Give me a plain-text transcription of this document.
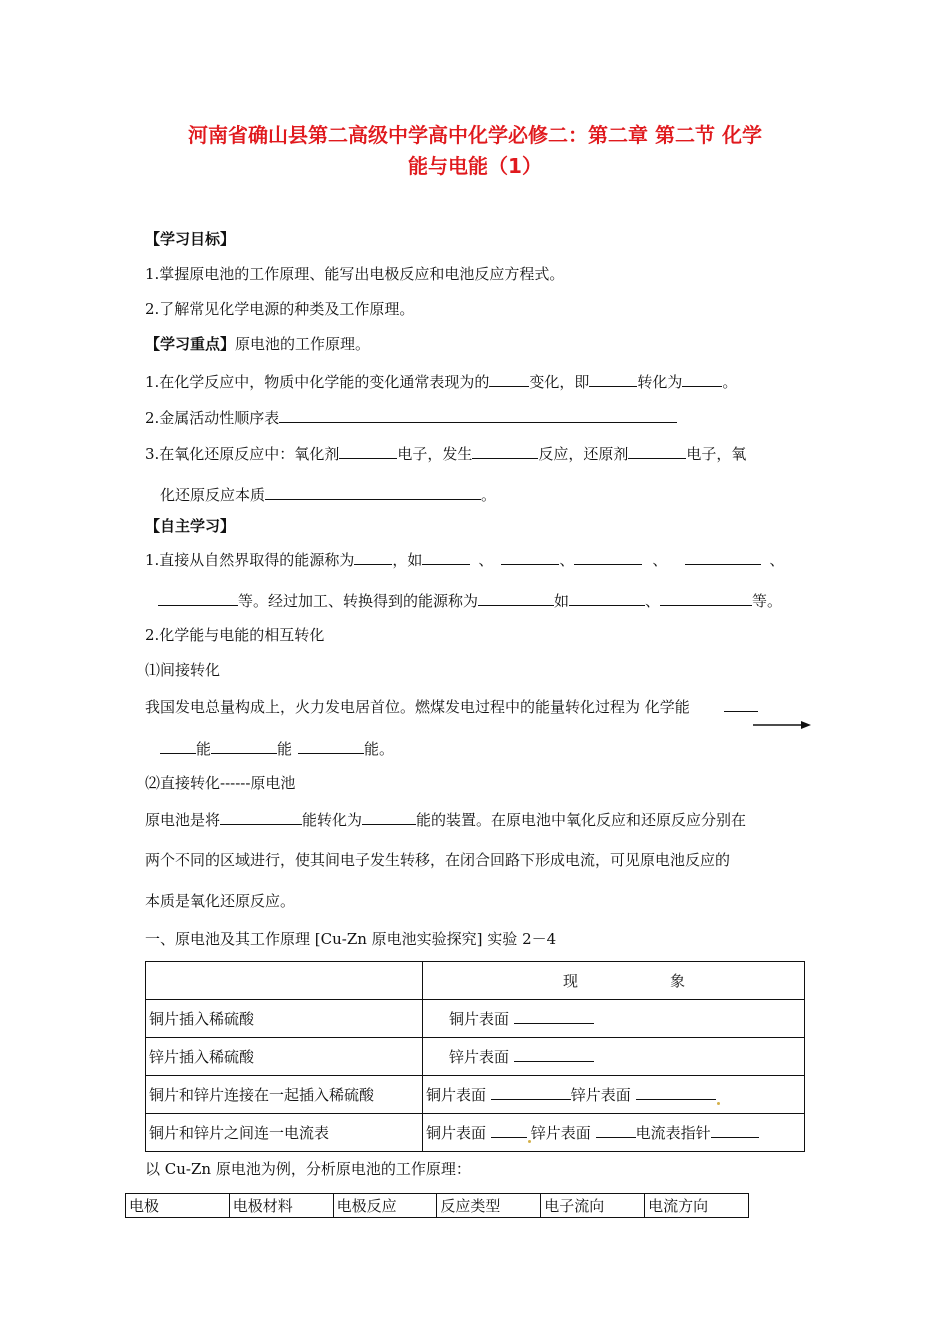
河南省确山县第二高级中学高中化学必修二：第二章 第二节 化学
能与电能（1）
【学习目标】
1.掌握原电池的工作原理、能写出电极反应和电池反应方程式。
2.了解常见化学电源的种类及工作原理。
【学习重点】原电池的工作原理。
1.在化学反应中，物质中化学能的变化通常表现为的	变化，即	转化为	。
2.金属活动性顺序表
3.在氧化还原反应中：氧化剂	电子，发生	反应，还原剂	电子，氧
化还原反应本质	。
【自主学习】
1.直接从自然界取得的能源称为	，如	、	、	、	、
等。经过加工、转换得到的能源称为	如	、	等。
2.化学能与电能的相互转化
⑴间接转化
我国发电总量构成上，火力发电居首位。燃煤发电过程中的能量转化过程为 化学能
能	能	能。
⑵直接转化------原电池
原电池是将	能转化为	能的装置。在原电池中氧化反应和还原反应分别在
两个不同的区域进行，使其间电子发生转移，在闭合回路下形成电流，可见原电池反应的
本质是氧化还原反应。
一、原电池及其工作原理 [Cu-Zn 原电池实验探究] 实验 2－4
	现 象
铜片插入稀硫酸	铜片表面
锌片插入稀硫酸	锌片表面
铜片和锌片连接在一起插入稀硫酸	铜片表面 锌片表面
铜片和锌片之间连一电流表	铜片表面 锌片表面 电流表指针
以 Cu-Zn 原电池为例，分析原电池的工作原理：
电极	电极材料	电极反应	反应类型	电子流向	电流方向
